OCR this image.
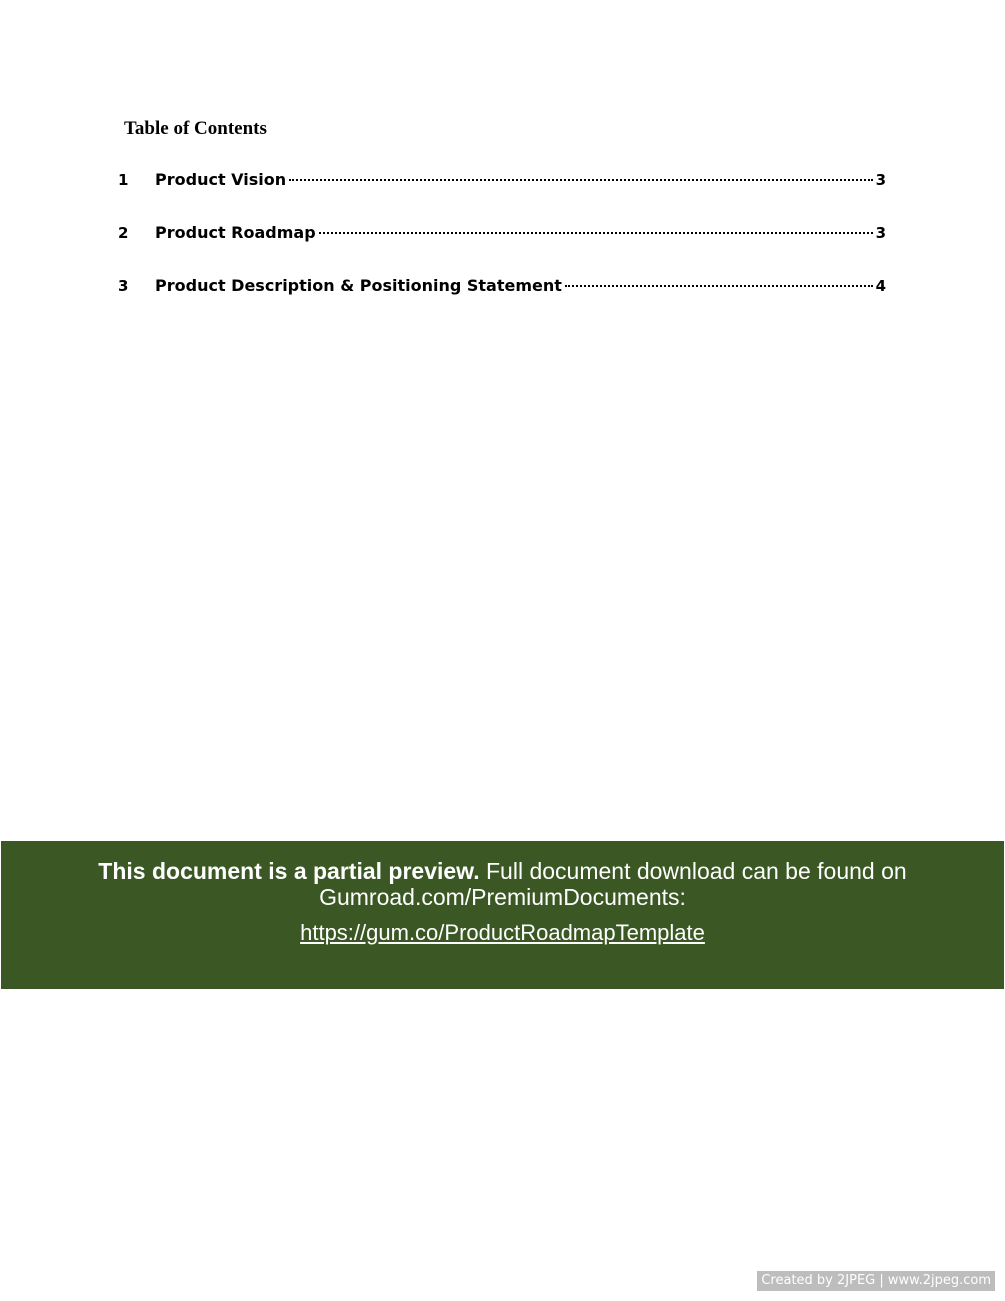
Table of Contents
1	Product Vision	3
2	Product Roadmap	3
3	Product Description & Positioning Statement	4

This document is a partial preview. Full document download can be found on

Gumroad.com/PremiumDocuments:

https://gum.co/ProductRoadmapTemplate
Created by 2JPEG | www.2jpeg.com
